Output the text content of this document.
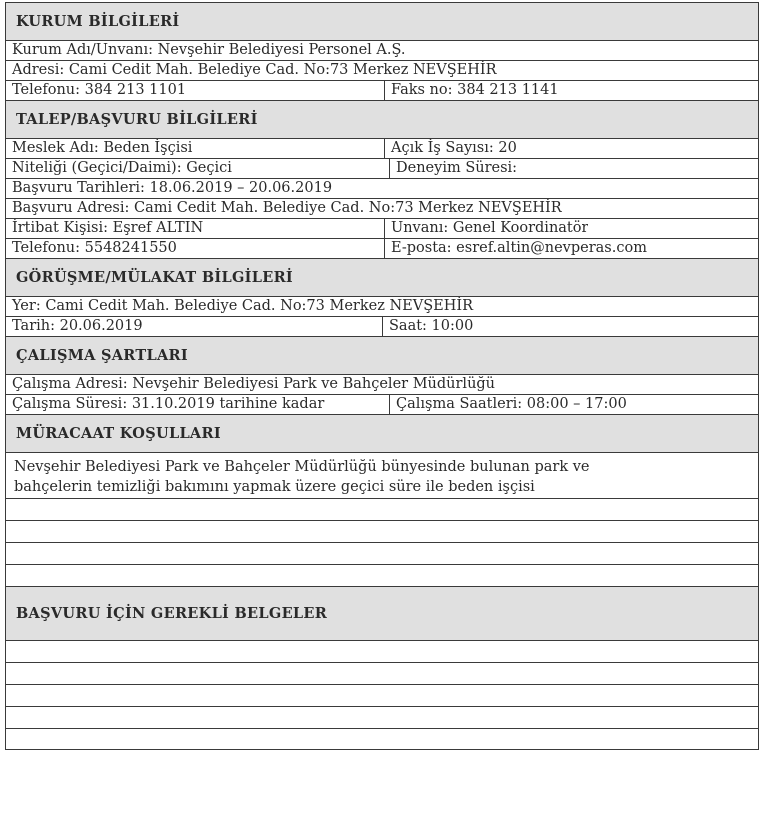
KURUM BİLGİLERİ
Kurum Adı/Unvanı: Nevşehir Belediyesi Personel A.Ş.
Adresi: Cami Cedit Mah. Belediye Cad. No:73 Merkez NEVŞEHİR
Telefonu: 384 213 1101	Faks no: 384 213 1141
TALEP/BAŞVURU BİLGİLERİ
Meslek Adı: Beden İşçisi	Açık İş Sayısı: 20
Niteliği (Geçici/Daimi): Geçici	Deneyim Süresi:
Başvuru Tarihleri: 18.06.2019 – 20.06.2019
Başvuru Adresi: Cami Cedit Mah. Belediye Cad. No:73 Merkez NEVŞEHİR
İrtibat Kişisi: Eşref ALTIN	Unvanı: Genel Koordinatör
Telefonu: 5548241550	E-posta: esref.altin@nevperas.com
GÖRÜŞME/MÜLAKAT BİLGİLERİ
Yer: Cami Cedit Mah. Belediye Cad. No:73 Merkez NEVŞEHİR
Tarih: 20.06.2019	Saat: 10:00
ÇALIŞMA ŞARTLARI
Çalışma Adresi: Nevşehir Belediyesi Park ve Bahçeler Müdürlüğü
Çalışma Süresi: 31.10.2019 tarihine kadar	Çalışma Saatleri: 08:00 – 17:00
MÜRACAAT KOŞULLARI
Nevşehir Belediyesi Park ve Bahçeler Müdürlüğü bünyesinde bulunan park ve
bahçelerin temizliği bakımını yapmak üzere geçici süre ile beden işçisi
BAŞVURU İÇİN GEREKLİ BELGELER
